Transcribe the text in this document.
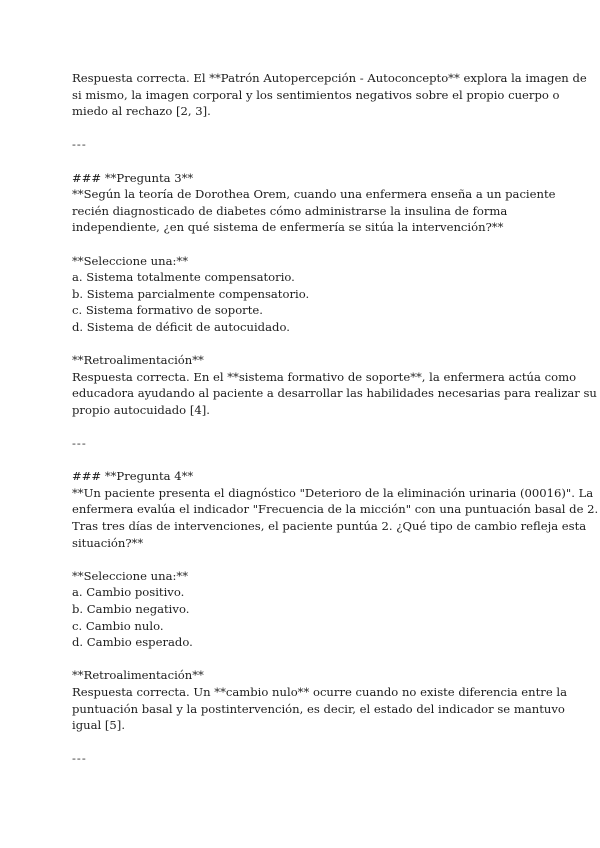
Respuesta correcta. El **Patrón Autopercepción - Autoconcepto** explora la imagen de

si mismo, la imagen corporal y los sentimientos negativos sobre el propio cuerpo o

miedo al rechazo [2, 3].

---

### **Pregunta 3**

**Según la teoría de Dorothea Orem, cuando una enfermera enseña a un paciente

recién diagnosticado de diabetes cómo administrarse la insulina de forma

independiente, ¿en qué sistema de enfermería se sitúa la intervención?**

**Seleccione una:**

a. Sistema totalmente compensatorio.

b. Sistema parcialmente compensatorio.

c. Sistema formativo de soporte.

d. Sistema de déficit de autocuidado.

**Retroalimentación**

Respuesta correcta. En el **sistema formativo de soporte**, la enfermera actúa como

educadora ayudando al paciente a desarrollar las habilidades necesarias para realizar su

propio autocuidado [4].

---

### **Pregunta 4**

**Un paciente presenta el diagnóstico "Deterioro de la eliminación urinaria (00016)". La

enfermera evalúa el indicador "Frecuencia de la micción" con una puntuación basal de 2.

Tras tres días de intervenciones, el paciente puntúa 2. ¿Qué tipo de cambio refleja esta

situación?**

**Seleccione una:**

a. Cambio positivo.

b. Cambio negativo.

c. Cambio nulo.

d. Cambio esperado.

**Retroalimentación**

Respuesta correcta. Un **cambio nulo** ocurre cuando no existe diferencia entre la

puntuación basal y la postintervención, es decir, el estado del indicador se mantuvo

igual [5].

---
